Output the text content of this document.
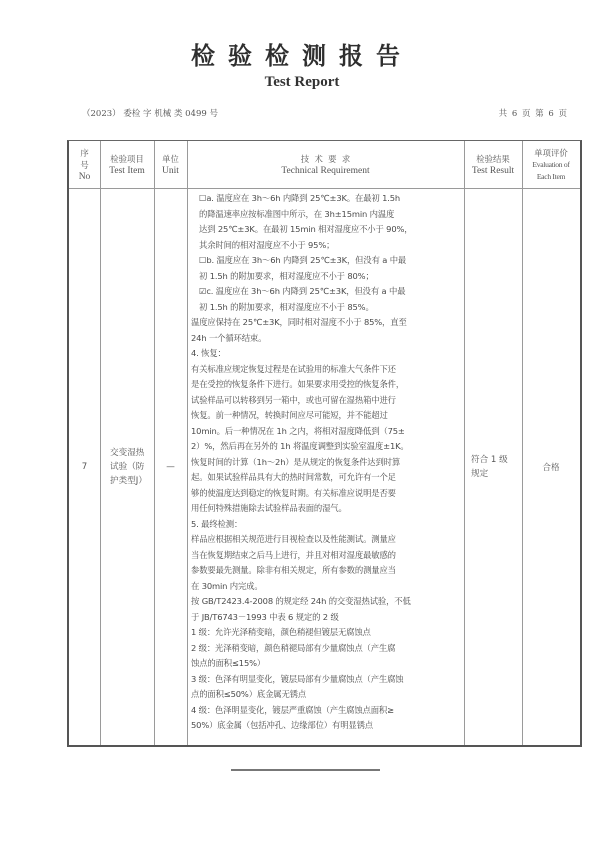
检验检测报告
Test Report
（2023） 委检 字 机械 类 0499 号	共 6 页 第 6 页
序
号
No
检验项目
Test Item
单位
Unit
技  术  要  求
Technical Requirement
检验结果
Test Result
单项评价
Evaluation of
Each Item
7
交变湿热
试验（防
护类型J）
—

☐a. 温度应在 3h～6h 内降到 25℃±3K。在最初 1.5h

的降温速率应按标准图中所示，在 3h±15min 内温度

达到 25℃±3K。在最初 15min 相对湿度应不小于 90%，

其余时间的相对湿度应不小于 95%；

☐b. 温度应在 3h～6h 内降到 25℃±3K，但没有 a 中最

初 1.5h 的附加要求，相对湿度应不小于 80%；

☑c. 温度应在 3h～6h 内降到 25℃±3K，但没有 a 中最

初 1.5h 的附加要求，相对湿度应不小于 85%。

温度应保持在 25℃±3K，同时相对湿度不小于 85%，直至

24h 一个循环结束。

4. 恢复：

有关标准应规定恢复过程是在试验用的标准大气条件下还

是在受控的恢复条件下进行。如果要求用受控的恢复条件，

试验样品可以转移到另一箱中，或也可留在湿热箱中进行

恢复。前一种情况，转换时间应尽可能短，并不能超过

10min。后一种情况在 1h 之内，将相对湿度降低到（75±

2）%，然后再在另外的 1h 将温度调整到实验室温度±1K。

恢复时间的计算（1h～2h）是从规定的恢复条件达到时算

起。如果试验样品具有大的热时间常数，可允许有一个足

够的使温度达到稳定的恢复时期。有关标准应说明是否要

用任何特殊措施除去试验样品表面的湿气。

5. 最终检测：

样品应根据相关规范进行目视检查以及性能测试。测量应

当在恢复期结束之后马上进行，并且对相对湿度最敏感的

参数要最先测量。除非有相关规定，所有参数的测量应当

在 30min 内完成。

按 GB/T2423.4-2008 的规定经 24h 的交变湿热试验，不低

于 JB/T6743－1993 中表 6 规定的 2 级

1 级：允许光泽稍变暗，颜色稍褪但镀层无腐蚀点

2 级：光泽稍变暗，颜色稍褪局部有少量腐蚀点（产生腐

蚀点的面积≤15%）

3 级：色泽有明显变化，镀层局部有少量腐蚀点（产生腐蚀

点的面积≤50%）底金属无锈点

4 级：色泽明显变化，镀层严重腐蚀（产生腐蚀点面积≥

50%）底金属（包括冲孔、边缘部位）有明显锈点

符合 1 级
规定
合格
